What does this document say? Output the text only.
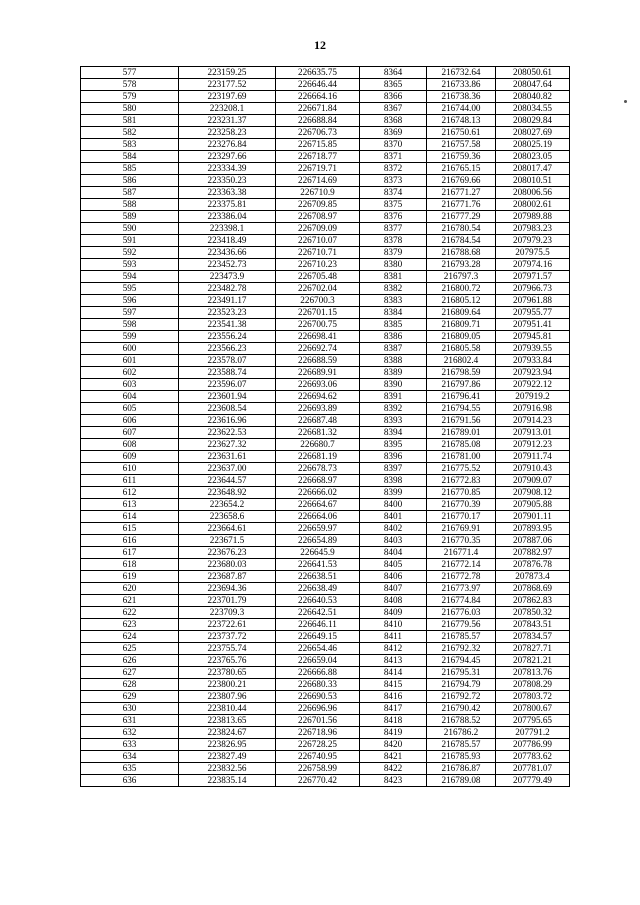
12
577	223159.25	226635.75	8364	216732.64	208050.61
578	223177.52	226646.44	8365	216733.86	208047.64
579	223197.69	226664.16	8366	216738.36	208040.82
580	223208.1	226671.84	8367	216744.00	208034.55
581	223231.37	226688.84	8368	216748.13	208029.84
582	223258.23	226706.73	8369	216750.61	208027.69
583	223276.84	226715.85	8370	216757.58	208025.19
584	223297.66	226718.77	8371	216759.36	208023.05
585	223334.39	226719.71	8372	216765.15	208017.47
586	223350.23	226714.69	8373	216769.66	208010.51
587	223363.38	226710.9	8374	216771.27	208006.56
588	223375.81	226709.85	8375	216771.76	208002.61
589	223386.04	226708.97	8376	216777.29	207989.88
590	223398.1	226709.09	8377	216780.54	207983.23
591	223418.49	226710.07	8378	216784.54	207979.23
592	223436.66	226710.71	8379	216788.68	207975.5
593	223452.73	226710.23	8380	216793.28	207974.16
594	223473.9	226705.48	8381	216797.3	207971.57
595	223482.78	226702.04	8382	216800.72	207966.73
596	223491.17	226700.3	8383	216805.12	207961.88
597	223523.23	226701.15	8384	216809.64	207955.77
598	223541.38	226700.75	8385	216809.71	207951.41
599	223556.24	226698.41	8386	216809.05	207945.81
600	223566.23	226692.74	8387	216805.58	207939.55
601	223578.07	226688.59	8388	216802.4	207933.84
602	223588.74	226689.91	8389	216798.59	207923.94
603	223596.07	226693.06	8390	216797.86	207922.12
604	223601.94	226694.62	8391	216796.41	207919.2
605	223608.54	226693.89	8392	216794.55	207916.98
606	223616.96	226687.48	8393	216791.56	207914.23
607	223622.53	226681.32	8394	216789.01	207913.01
608	223627.32	226680.7	8395	216785.08	207912.23
609	223631.61	226681.19	8396	216781.00	207911.74
610	223637.00	226678.73	8397	216775.52	207910.43
611	223644.57	226668.97	8398	216772.83	207909.07
612	223648.92	226666.02	8399	216770.85	207908.12
613	223654.2	226664.67	8400	216770.39	207905.88
614	223658.6	226664.06	8401	216770.17	207901.11
615	223664.61	226659.97	8402	216769.91	207893.95
616	223671.5	226654.89	8403	216770.35	207887.06
617	223676.23	226645.9	8404	216771.4	207882.97
618	223680.03	226641.53	8405	216772.14	207876.78
619	223687.87	226638.51	8406	216772.78	207873.4
620	223694.36	226638.49	8407	216773.97	207868.69
621	223701.79	226640.53	8408	216774.84	207862.83
622	223709.3	226642.51	8409	216776.03	207850.32
623	223722.61	226646.11	8410	216779.56	207843.51
624	223737.72	226649.15	8411	216785.57	207834.57
625	223755.74	226654.46	8412	216792.32	207827.71
626	223765.76	226659.04	8413	216794.45	207821.21
627	223780.65	226666.88	8414	216795.31	207813.76
628	223800.21	226680.33	8415	216794.79	207808.29
629	223807.96	226690.53	8416	216792.72	207803.72
630	223810.44	226696.96	8417	216790.42	207800.67
631	223813.65	226701.56	8418	216788.52	207795.65
632	223824.67	226718.96	8419	216786.2	207791.2
633	223826.95	226728.25	8420	216785.57	207786.99
634	223827.49	226740.95	8421	216785.93	207783.62
635	223832.56	226758.99	8422	216786.87	207781.07
636	223835.14	226770.42	8423	216789.08	207779.49
